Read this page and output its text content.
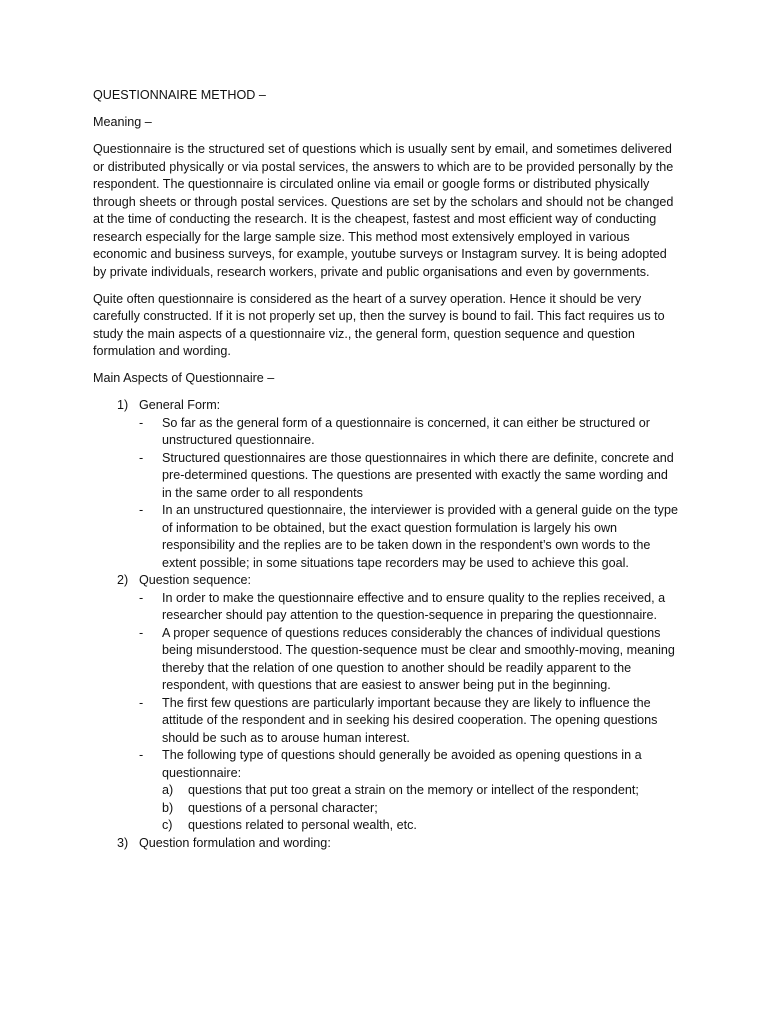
QUESTIONNAIRE METHOD –

Meaning –

Questionnaire is the structured set of questions which is usually sent by email, and sometimes delivered or distributed physically or via postal services, the answers to which are to be provided personally by the respondent. The questionnaire is circulated online via email or google forms or distributed physically through sheets or through postal services. Questions are set by the scholars and should not be changed at the time of conducting the research. It is the cheapest, fastest and most efficient way of conducting research especially for the large sample size. This method most extensively employed in various economic and business surveys, for example, youtube surveys or Instagram survey. It is being adopted by private individuals, research workers, private and public organisations and even by governments.

Quite often questionnaire is considered as the heart of a survey operation. Hence it should be very carefully constructed. If it is not properly set up, then the survey is bound to fail. This fact requires us to study the main aspects of a questionnaire viz., the general form, question sequence and question formulation and wording.

Main Aspects of Questionnaire –

1) General Form:
- So far as the general form of a questionnaire is concerned, it can either be structured or unstructured questionnaire.
- Structured questionnaires are those questionnaires in which there are definite, concrete and pre-determined questions. The questions are presented with exactly the same wording and in the same order to all respondents
- In an unstructured questionnaire, the interviewer is provided with a general guide on the type of information to be obtained, but the exact question formulation is largely his own responsibility and the replies are to be taken down in the respondent’s own words to the extent possible; in some situations tape recorders may be used to achieve this goal.
2) Question sequence:
- In order to make the questionnaire effective and to ensure quality to the replies received, a researcher should pay attention to the question-sequence in preparing the questionnaire.
- A proper sequence of questions reduces considerably the chances of individual questions being misunderstood. The question-sequence must be clear and smoothly-moving, meaning thereby that the relation of one question to another should be readily apparent to the respondent, with questions that are easiest to answer being put in the beginning.
- The first few questions are particularly important because they are likely to influence the attitude of the respondent and in seeking his desired cooperation. The opening questions should be such as to arouse human interest.
- The following type of questions should generally be avoided as opening questions in a questionnaire:
a) questions that put too great a strain on the memory or intellect of the respondent;
b) questions of a personal character;
c) questions related to personal wealth, etc.
3) Question formulation and wording:
